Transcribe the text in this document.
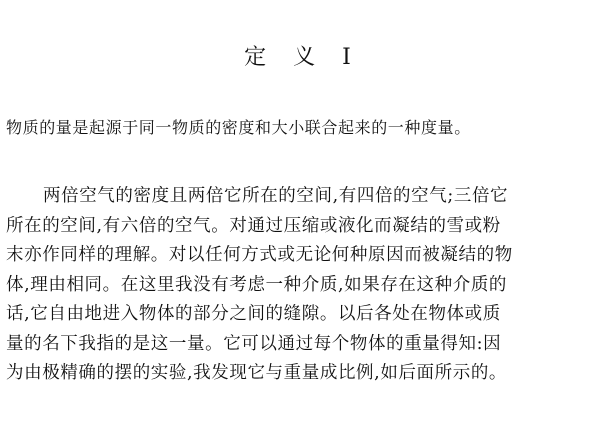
定 义 I

物质的量是起源于同一物质的密度和大小联合起来的一种度量。

两倍空气的密度且两倍它所在的空间,有四倍的空气;三倍它
所在的空间,有六倍的空气。对通过压缩或液化而凝结的雪或粉
末亦作同样的理解。对以任何方式或无论何种原因而被凝结的物
体,理由相同。在这里我没有考虑一种介质,如果存在这种介质的
话,它自由地进入物体的部分之间的缝隙。以后各处在物体或质
量的名下我指的是这一量。它可以通过每个物体的重量得知:因
为由极精确的摆的实验,我发现它与重量成比例,如后面所示的。
